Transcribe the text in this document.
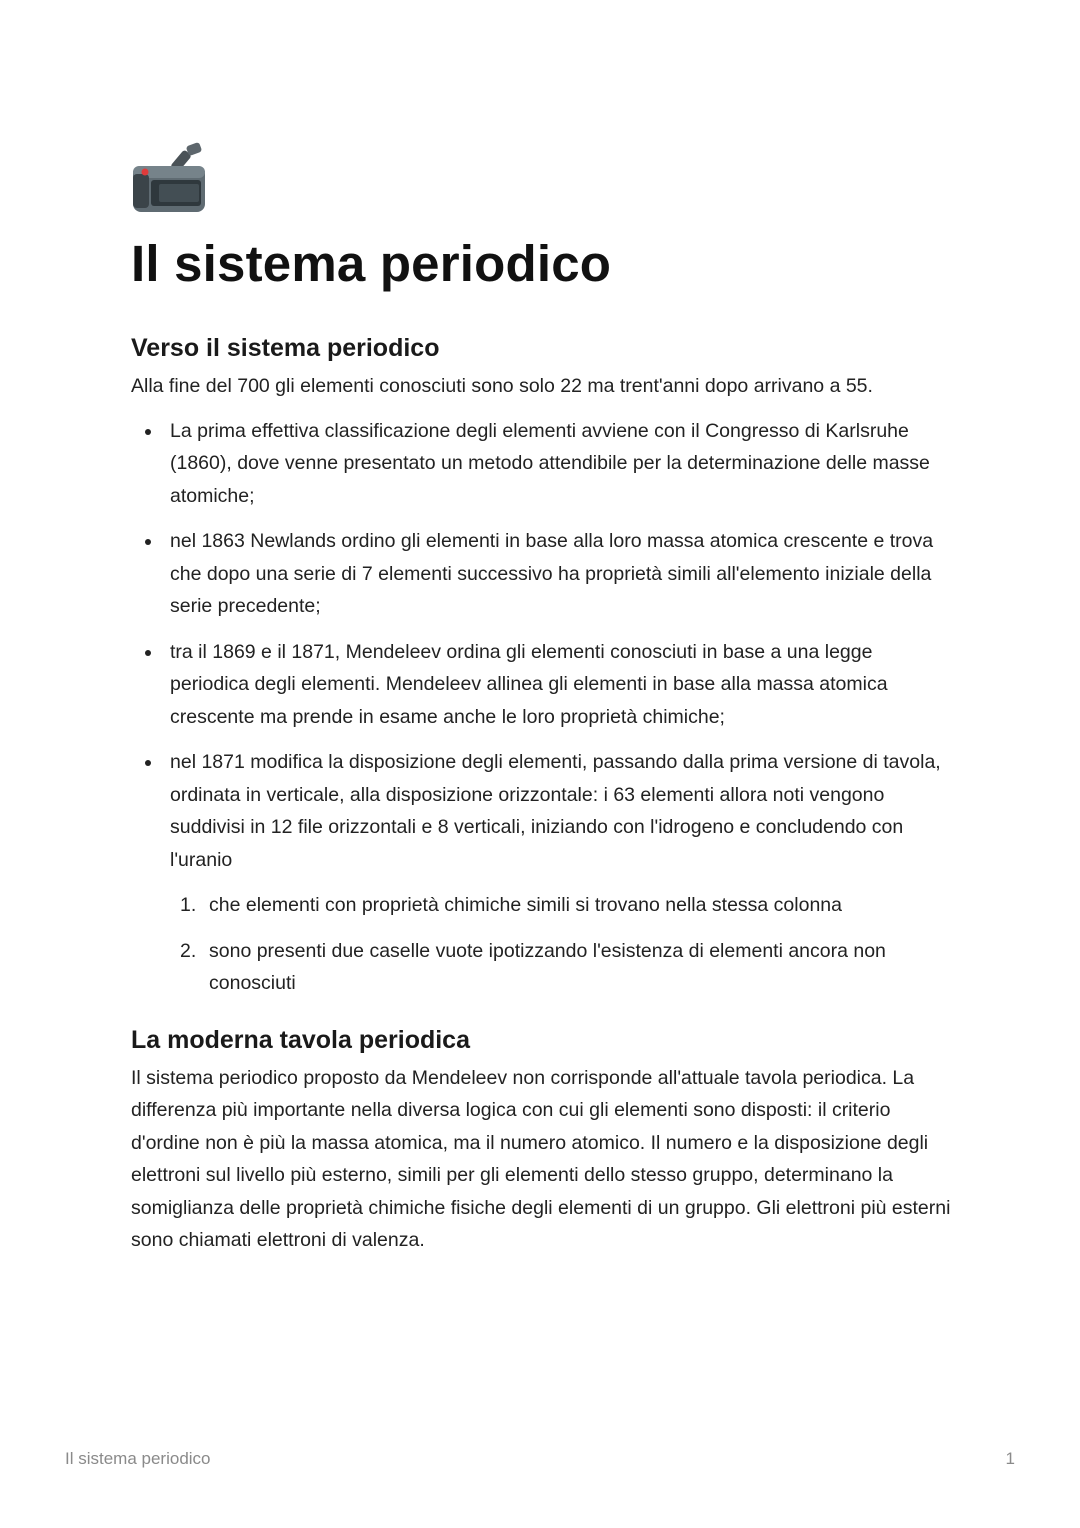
Il sistema periodico
Verso il sistema periodico

Alla fine del 700 gli elementi conosciuti sono solo 22 ma trent'anni dopo arrivano a 55.

La prima effettiva classificazione degli elementi avviene con il Congresso di Karlsruhe (1860), dove venne presentato un metodo attendibile per la determinazione delle masse atomiche;
nel 1863 Newlands ordino gli elementi in base alla loro massa atomica crescente e trova che dopo una serie di 7 elementi successivo ha proprietà simili all'elemento iniziale della serie precedente;
tra il 1869 e il 1871, Mendeleev ordina gli elementi conosciuti in base a una legge periodica degli elementi. Mendeleev allinea gli elementi in base alla massa atomica crescente ma prende in esame anche le loro proprietà chimiche;
nel 1871 modifica la disposizione degli elementi, passando dalla prima versione di tavola, ordinata in verticale, alla disposizione orizzontale: i 63 elementi allora noti vengono suddivisi in 12 file orizzontali e 8 verticali, iniziando con l'idrogeno e concludendo con l'uranio
1. che elementi con proprietà chimiche simili si trovano nella stessa colonna
2. sono presenti due caselle vuote ipotizzando l'esistenza di elementi ancora non conosciuti
La moderna tavola periodica

Il sistema periodico proposto da Mendeleev non corrisponde all'attuale tavola periodica. La differenza più importante nella diversa logica con cui gli elementi sono disposti: il criterio d'ordine non è più la massa atomica, ma il numero atomico. Il numero e la disposizione degli elettroni sul livello più esterno, simili per gli elementi dello stesso gruppo, determinano la somiglianza delle proprietà chimiche fisiche degli elementi di un gruppo. Gli elettroni più esterni sono chiamati elettroni di valenza.

Il sistema periodico	1
